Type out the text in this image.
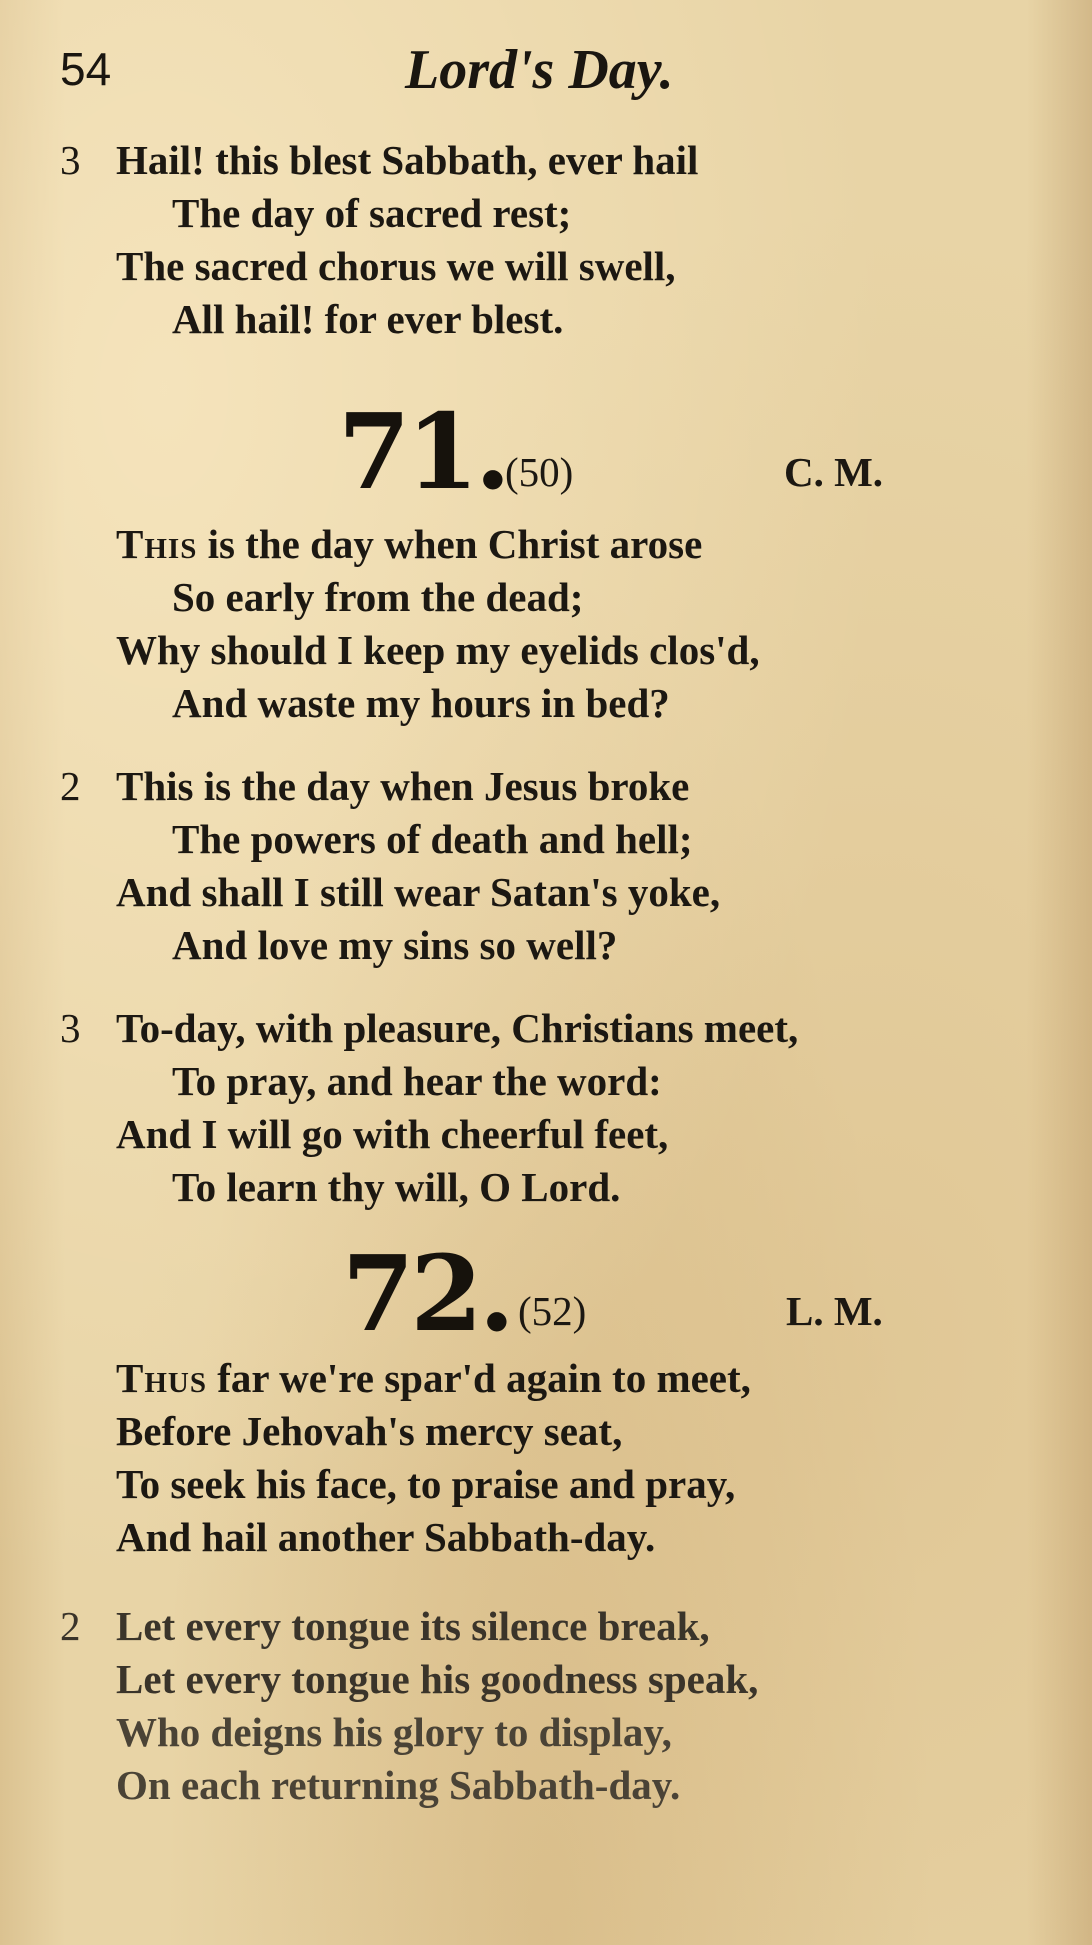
54	Lord's Day.
3 Hail! this blest Sabbath, ever hail
The day of sacred rest;
The sacred chorus we will swell,
All hail! for ever blest.
71.
(50)	C. M.
This is the day when Christ arose
So early from the dead;
Why should I keep my eyelids clos'd,
And waste my hours in bed?
2 This is the day when Jesus broke
The powers of death and hell;
And shall I still wear Satan's yoke,
And love my sins so well?
3 To-day, with pleasure, Christians meet,
To pray, and hear the word:
And I will go with cheerful feet,
To learn thy will, O Lord.
72. (52)	L. M.
Thus far we're spar'd again to meet,
Before Jehovah's mercy seat,
To seek his face, to praise and pray,
And hail another Sabbath-day.
2 Let every tongue its silence break,
Let every tongue his goodness speak,
Who deigns his glory to display,
On each returning Sabbath-day.
